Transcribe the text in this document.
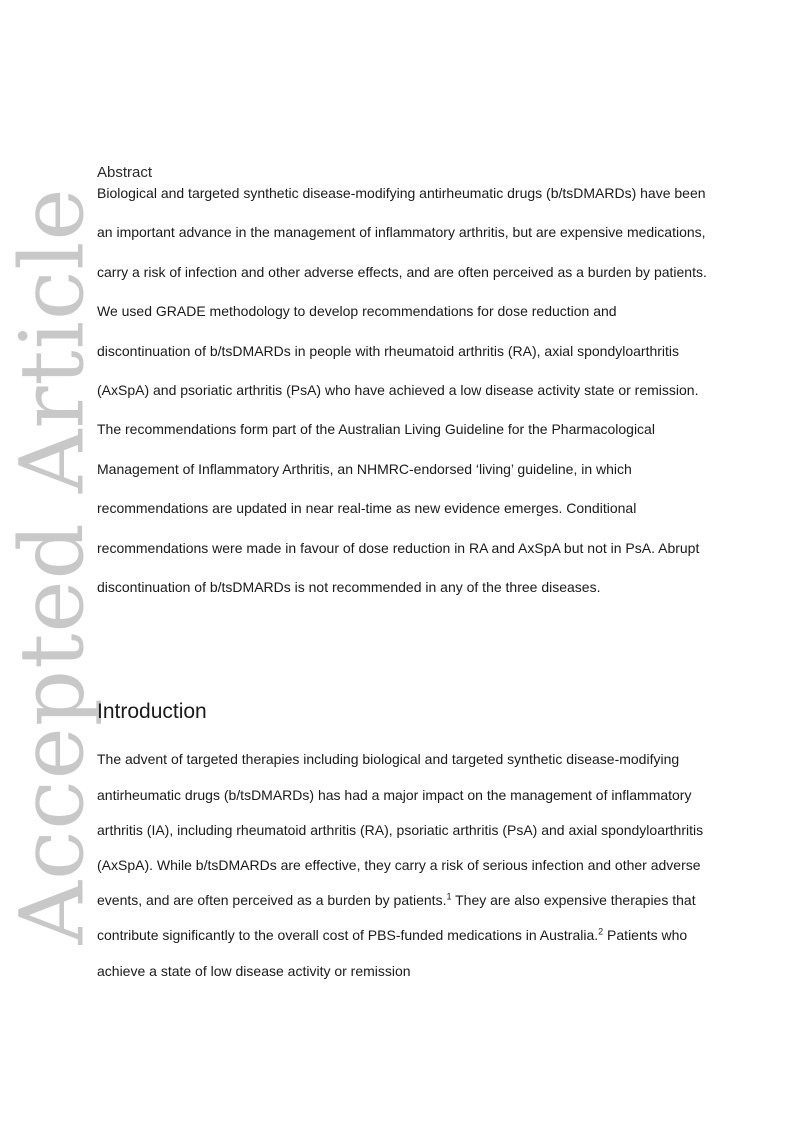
Accepted Article
Abstract

Biological and targeted synthetic disease-modifying antirheumatic drugs (b/tsDMARDs) have been an important advance in the management of inflammatory arthritis, but are expensive medications, carry a risk of infection and other adverse effects, and are often perceived as a burden by patients. We used GRADE methodology to develop recommendations for dose reduction and discontinuation of b/tsDMARDs in people with rheumatoid arthritis (RA), axial spondyloarthritis (AxSpA) and psoriatic arthritis (PsA) who have achieved a low disease activity state or remission. The recommendations form part of the Australian Living Guideline for the Pharmacological Management of Inflammatory Arthritis, an NHMRC-endorsed ‘living’ guideline, in which recommendations are updated in near real-time as new evidence emerges. Conditional recommendations were made in favour of dose reduction in RA and AxSpA but not in PsA. Abrupt discontinuation of b/tsDMARDs is not recommended in any of the three diseases.

Introduction

The advent of targeted therapies including biological and targeted synthetic disease-modifying antirheumatic drugs (b/tsDMARDs) has had a major impact on the management of inflammatory arthritis (IA), including rheumatoid arthritis (RA), psoriatic arthritis (PsA) and axial spondyloarthritis (AxSpA). While b/tsDMARDs are effective, they carry a risk of serious infection and other adverse events, and are often perceived as a burden by patients.$^1$ They are also expensive therapies that contribute significantly to the overall cost of PBS-funded medications in Australia.$^2$ Patients who achieve a state of low disease activity or remission
